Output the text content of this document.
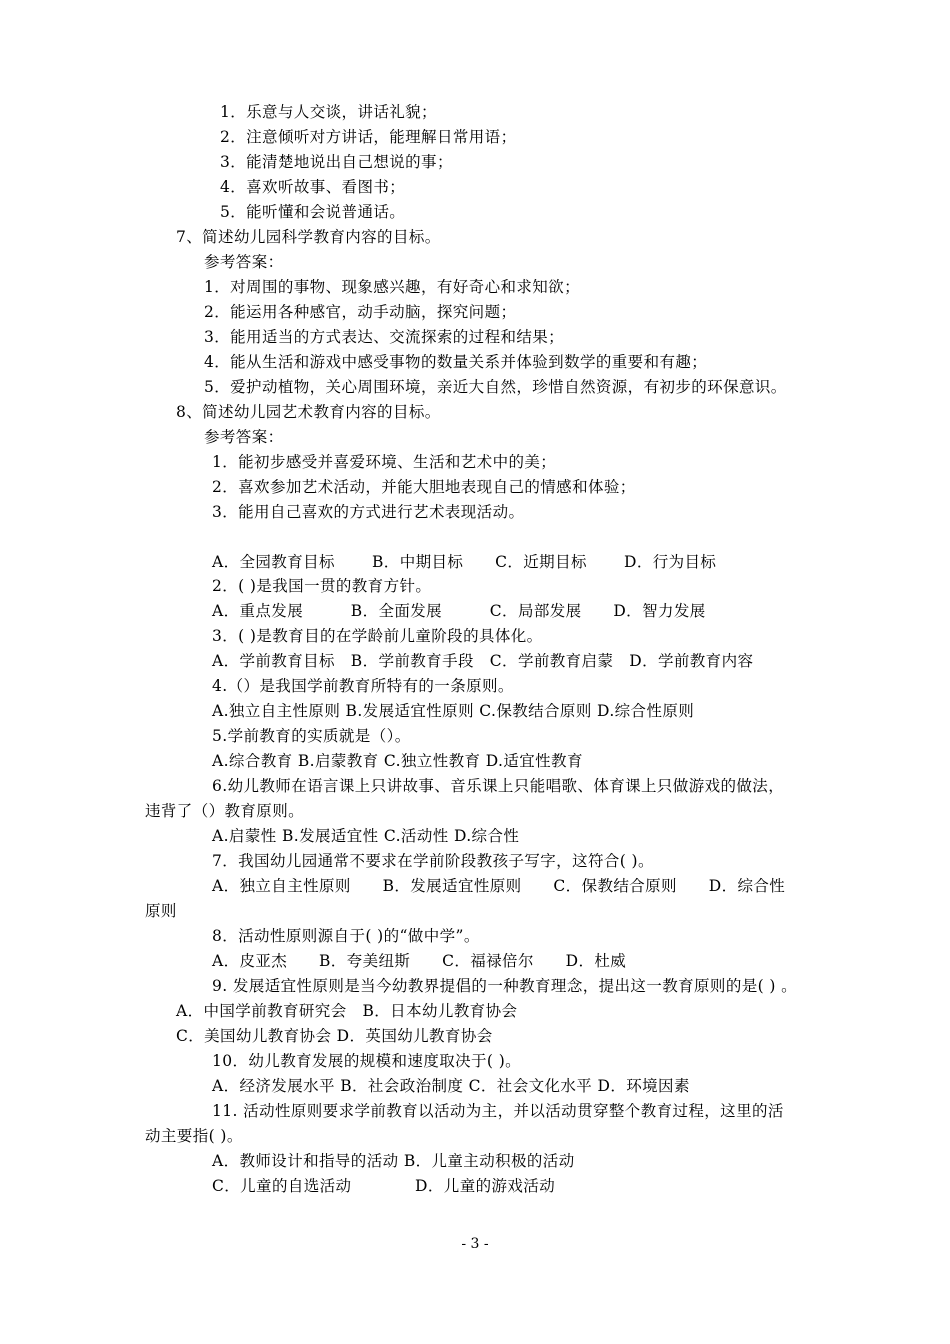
1．乐意与人交谈，讲话礼貌；
2．注意倾听对方讲话，能理解日常用语；
3．能清楚地说出自己想说的事；
4．喜欢听故事、看图书；
5．能听懂和会说普通话。
7、简述幼儿园科学教育内容的目标。
参考答案：
1．对周围的事物、现象感兴趣，有好奇心和求知欲；
2．能运用各种感官，动手动脑，探究问题；
3．能用适当的方式表达、交流探索的过程和结果；
4．能从生活和游戏中感受事物的数量关系并体验到数学的重要和有趣；
5．爱护动植物，关心周围环境，亲近大自然，珍惜自然资源，有初步的环保意识。
8、简述幼儿园艺术教育内容的目标。
参考答案：
1．能初步感受并喜爱环境、生活和艺术中的美；
2．喜欢参加艺术活动，并能大胆地表现自己的情感和体验；
3．能用自己喜欢的方式进行艺术表现活动。
A．全园教育目标　　 B．中期目标　　C．近期目标　　 D．行为目标
2．( )是我国一贯的教育方针。
A．重点发展　　　B．全面发展　　　C．局部发展　　D．智力发展
3．( )是教育目的在学龄前儿童阶段的具体化。
A．学前教育目标　B．学前教育手段　C．学前教育启蒙　D．学前教育内容
4.（）是我国学前教育所特有的一条原则。
A.独立自主性原则 B.发展适宜性原则 C.保教结合原则 D.综合性原则
5.学前教育的实质就是（）。
A.综合教育 B.启蒙教育 C.独立性教育 D.适宜性教育
6.幼儿教师在语言课上只讲故事、音乐课上只能唱歌、体育课上只做游戏的做法，
违背了（）教育原则。
A.启蒙性 B.发展适宜性 C.活动性 D.综合性
7．我国幼儿园通常不要求在学前阶段教孩子写字，这符合( )。
A．独立自主性原则　　B．发展适宜性原则　　C．保教结合原则　　D．综合性
原则
8．活动性原则源自于( )的“做中学”。
A．皮亚杰　　B．夸美纽斯　　C．福禄倍尔　　D．杜威
9. 发展适宜性原则是当今幼教界提倡的一种教育理念，提出这一教育原则的是( ) 。
A．中国学前教育研究会　B．日本幼儿教育协会
C．美国幼儿教育协会 D．英国幼儿教育协会
10．幼儿教育发展的规模和速度取决于( )。
A．经济发展水平 B．社会政治制度 C．社会文化水平 D．环境因素
11. 活动性原则要求学前教育以活动为主，并以活动贯穿整个教育过程，这里的活
动主要指( )。
A．教师设计和指导的活动 B．儿童主动积极的活动
C．儿童的自选活动　　　　D．儿童的游戏活动
- 3 -
